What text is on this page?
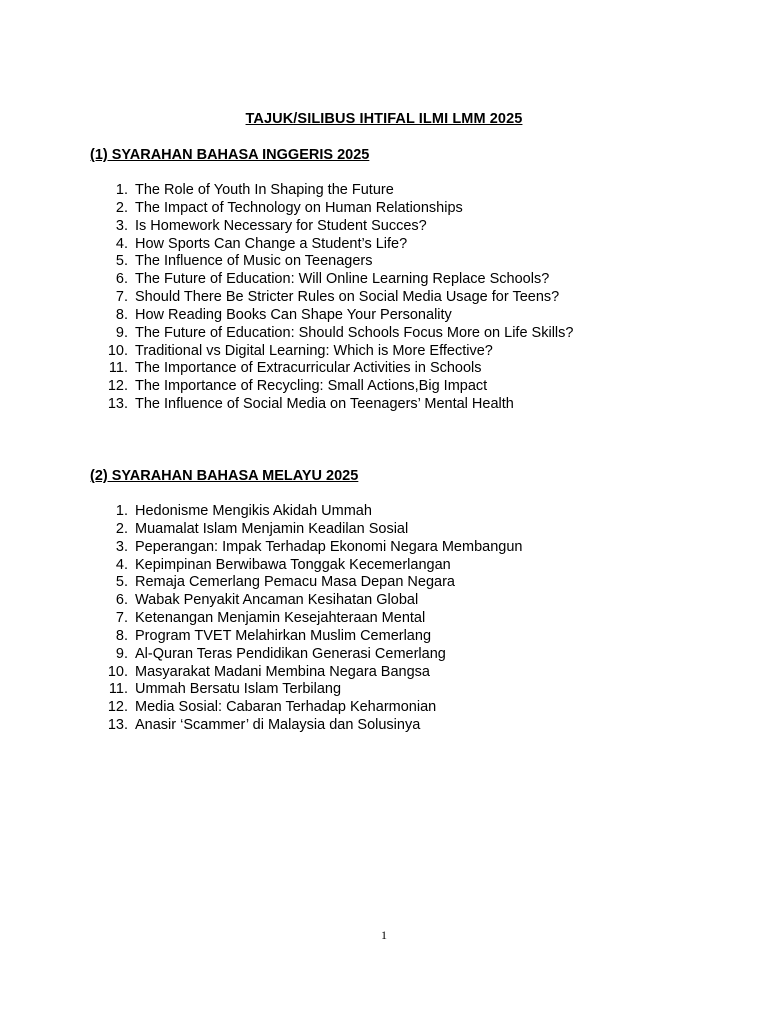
TAJUK/SILIBUS IHTIFAL ILMI LMM 2025
(1) SYARAHAN BAHASA INGGERIS 2025
1. The Role of Youth In Shaping the Future
2. The Impact of Technology on Human Relationships
3. Is Homework Necessary for Student Succes?
4. How Sports Can Change a Student’s Life?
5. The Influence of Music on Teenagers
6. The Future of Education: Will Online Learning Replace Schools?
7. Should There Be Stricter Rules on Social Media Usage for Teens?
8. How Reading Books Can Shape Your Personality
9. The Future of Education: Should Schools Focus More on Life Skills?
10. Traditional vs Digital Learning: Which is More Effective?
11. The Importance of Extracurricular Activities in Schools
12. The Importance of Recycling: Small Actions,Big Impact
13. The Influence of Social Media on Teenagers’ Mental Health
(2) SYARAHAN BAHASA MELAYU 2025
1. Hedonisme Mengikis Akidah Ummah
2. Muamalat Islam Menjamin Keadilan Sosial
3. Peperangan: Impak Terhadap Ekonomi Negara Membangun
4. Kepimpinan Berwibawa Tonggak Kecemerlangan
5. Remaja Cemerlang Pemacu Masa Depan Negara
6. Wabak Penyakit Ancaman Kesihatan Global
7. Ketenangan Menjamin Kesejahteraan Mental
8. Program TVET Melahirkan Muslim Cemerlang
9. Al-Quran Teras Pendidikan Generasi Cemerlang
10. Masyarakat Madani Membina Negara Bangsa
11. Ummah Bersatu Islam Terbilang
12. Media Sosial: Cabaran Terhadap Keharmonian
13. Anasir ‘Scammer’ di Malaysia dan Solusinya
1
